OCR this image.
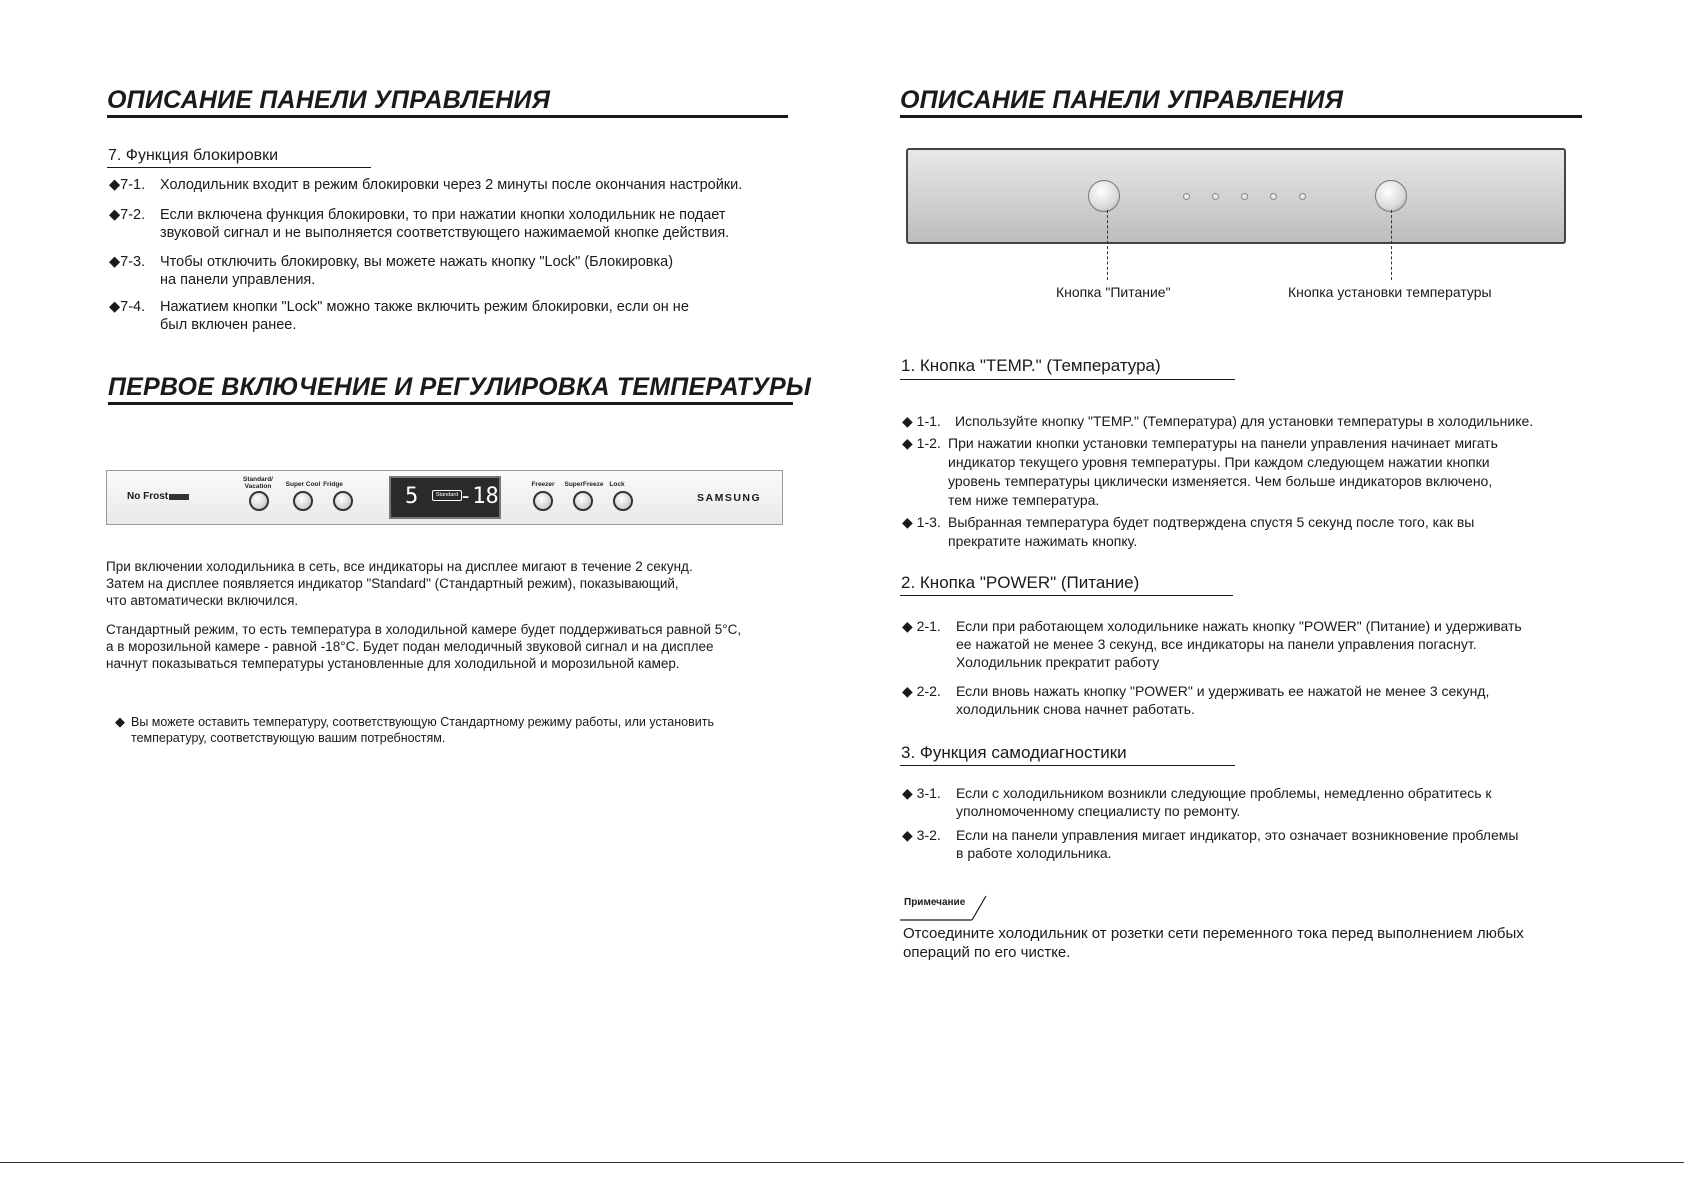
ОПИСАНИЕ ПАНЕЛИ УПРАВЛЕНИЯ
7. Функция блокировки
◆7-1. Холодильник входит в режим блокировки через 2 минуты после окончания настройки.
◆7-2. Если включена функция блокировки, то при нажатии кнопки холодильник не подает
звуковой сигнал и не выполняется соответствующего нажимаемой кнопке действия.
◆7-3. Чтобы отключить блокировку, вы можете нажать кнопку "Lock" (Блокировка)
на панели управления.
◆7-4. Нажатием кнопки "Lock" можно также включить режим блокировки, если он не
был включен ранее.
ПЕРВОЕ ВКЛЮЧЕНИЕ И РЕГУЛИРОВКА ТЕМПЕРАТУРЫ
No Frost
Standard/
Vacation	Super Cool Fridge	5	Standard -18	Freezer	SuperFreeze Lock
SAMSUNG
При включении холодильника в сеть, все индикаторы на дисплее мигают в течение 2 секунд.
Затем на дисплее появляется индикатор "Standard" (Стандартный режим), показывающий,
что автоматически включился.
Стандартный режим, то есть температура в холодильной камере будет поддерживаться равной 5°С,
а в морозильной камере - равной -18°С. Будет подан мелодичный звуковой сигнал и на дисплее
начнут показываться температуры установленные для холодильной и морозильной камер.
◆ Вы можете оставить температуру, соответствующую Стандартному режиму работы, или установить
температуру, соответствующую вашим потребностям.
ОПИСАНИЕ ПАНЕЛИ УПРАВЛЕНИЯ
Кнопка "Питание"	Кнопка установки температуры
1. Кнопка "TEMP." (Температура)
◆ 1-1. Используйте кнопку "TEMP." (Температура) для установки температуры в холодильнике.
◆ 1-2. При нажатии кнопки установки температуры на панели управления начинает мигать
индикатор текущего уровня температуры. При каждом следующем нажатии кнопки
уровень температуры циклически изменяется. Чем больше индикаторов включено,
тем ниже температура.
◆ 1-3. Выбранная температура будет подтверждена спустя 5 секунд после того, как вы
прекратите нажимать кнопку.
2. Кнопка "POWER" (Питание)
◆ 2-1. Если при работающем холодильнике нажать кнопку "POWER" (Питание) и удерживать
ее нажатой не менее 3 секунд, все индикаторы на панели управления погаснут.
Холодильник прекратит работу
◆ 2-2. Если вновь нажать кнопку "POWER" и удерживать ее нажатой не менее 3 секунд,
холодильник снова начнет работать.
3. Функция самодиагностики
◆ 3-1. Если с холодильником возникли следующие проблемы, немедленно обратитесь к
уполномоченному специалисту по ремонту.
◆ 3-2. Если на панели управления мигает индикатор, это означает возникновение проблемы
в работе холодильника.
Примечание
Отсоедините холодильник от розетки сети переменного тока перед выполнением любых
операций по его чистке.
